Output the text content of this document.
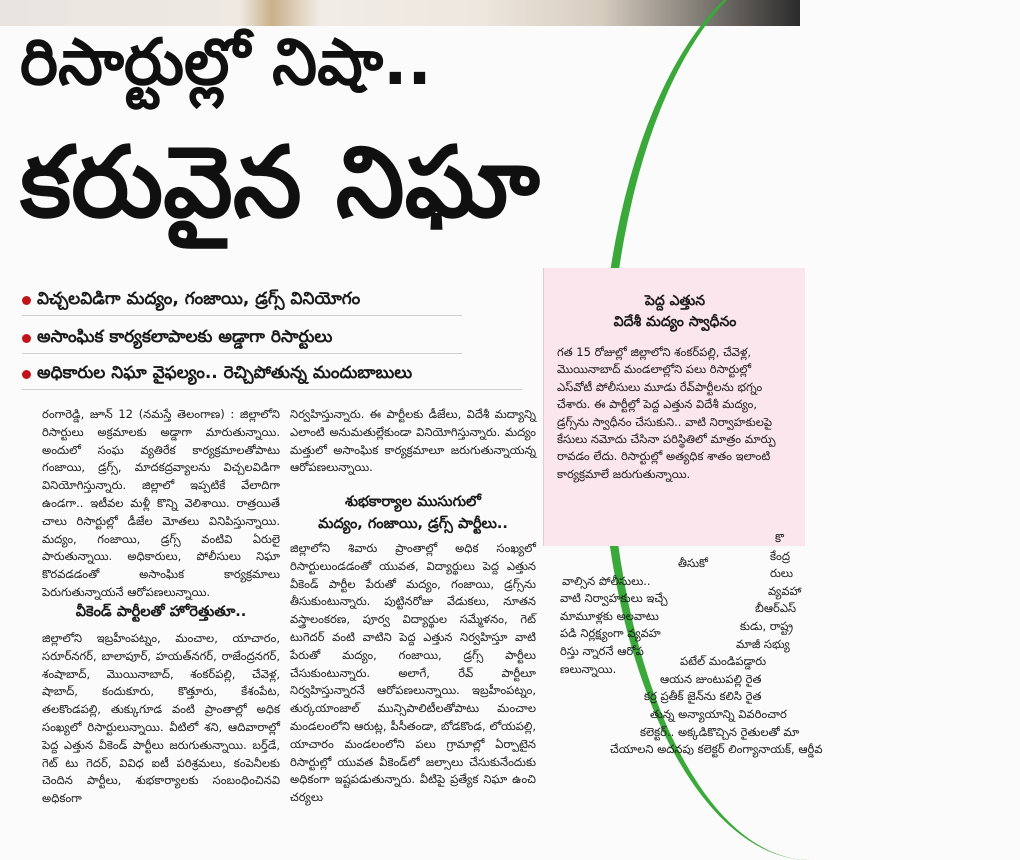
రిసార్టుల్లో నిషా..
కరువైన నిఘా
విచ్చలవిడిగా మద్యం, గంజాయి, డ్రగ్స్ వినియోగం
అసాంఘిక కార్యకలాపాలకు అడ్డాగా రిసార్టులు
అధికారుల నిఘా వైఫల్యం.. రెచ్చిపోతున్న మందుబాబులు
పెద్ద ఎత్తున
విదేశీ మద్యం స్వాధీనం
గత 15 రోజుల్లో జిల్లాలోని శంకర్‌పల్లి, చేవెళ్ల, మొయినాబాద్ మండలాల్లోని పలు రిసార్టుల్లో ఎస్‌వోటీ పోలీసులు మూడు రేవ్‌పార్టీలను భగ్నం చేశారు. ఈ పార్టీల్లో పెద్ద ఎత్తున విదేశీ మద్యం, డ్రగ్స్‌ను స్వాధీనం చేసుకుని.. వాటి నిర్వాహకులపై కేసులు నమోదు చేసినా పరిస్థితిలో మాత్రం మార్పు రావడం లేదు. రిసార్టుల్లో అత్యధిక శాతం ఇలాంటి కార్యక్రమాలే జరుగుతున్నాయి.
రంగారెడ్డి, జూన్ 12 (నమస్తే తెలంగాణ) : జిల్లాలోని రిసార్టులు అక్రమాలకు అడ్డాగా మారుతున్నాయి. అందులో సంఘ వ్యతిరేక కార్యక్రమాలతోపాటు గంజాయి, డ్రగ్స్, మాదకద్రవ్యాలను విచ్చలవిడిగా వినియోగిస్తున్నారు. జిల్లాలో ఇప్పటికే వేలాదిగా ఉండగా.. ఇటీవల మళ్లీ కొన్ని వెలిశాయి. రాత్రయితే చాలు రిసార్టుల్లో డీజేల మోతలు వినిపిస్తున్నాయి. మద్యం, గంజాయి, డ్రగ్స్ వంటివి ఏరులై పారుతున్నాయి. అధికారులు, పోలీసులు నిఘా కొరవడడంతో అసాంఘిక కార్యక్రమాలు పెరుగుతున్నాయనే ఆరోపణలున్నాయి.
వీకెండ్ పార్టీలతో హోరెత్తుతూ..
జిల్లాలోని ఇబ్రహీంపట్నం, మంచాల, యాచారం, సరూర్‌నగర్, బాలాపూర్, హయత్‌నగర్, రాజేంద్రనగర్, శంషాబాద్, మొయినాబాద్, శంకర్‌పల్లి, చేవెళ్ల, షాబాద్, కందుకూరు, కొత్తూరు, కేశంపేట, తలకొండపల్లి, తుక్కుగూడ వంటి ప్రాంతాల్లో అధిక సంఖ్యలో రిసార్టులున్నాయి. వీటిలో శని, ఆదివారాల్లో పెద్ద ఎత్తున వీకెండ్ పార్టీలు జరుగుతున్నాయి. బర్త్‌డే, గెట్ టు గెదర్, వివిధ ఐటీ పరిశ్రమలు, కంపెనీలకు చెందిన పార్టీలు, శుభకార్యాలకు సంబంధించినవి అధికంగా
నిర్వహిస్తున్నారు. ఈ పార్టీలకు డీజేలు, విదేశీ మద్యాన్ని ఎలాంటి అనుమతుల్లేకుండా వినియోగిస్తున్నారు. మద్యం మత్తులో అసాంఘిక కార్యక్రమాలూ జరుగుతున్నాయన్న ఆరోపణలున్నాయి.
శుభకార్యాల ముసుగులో
మద్యం, గంజాయి, డ్రగ్స్ పార్టీలు..
జిల్లాలోని శివారు ప్రాంతాల్లో అధిక సంఖ్యలో రిసార్టులుండడంతో యువత, విద్యార్థులు పెద్ద ఎత్తున వీకెండ్ పార్టీల పేరుతో మద్యం, గంజాయి, డ్రగ్స్‌ను తీసుకుంటున్నారు. పుట్టినరోజు వేడుకలు, నూతన వస్త్రాలంకరణ, పూర్వ విద్యార్థుల సమ్మేళనం, గెట్ టుగెదర్ వంటి వాటిని పెద్ద ఎత్తున నిర్వహిస్తూ వాటి పేరుతో మద్యం, గంజాయి, డ్రగ్స్ పార్టీలు చేసుకుంటున్నారు. అలాగే, రేవ్ పార్టీలూ నిర్వహిస్తున్నారనే ఆరోపణలున్నాయి. ఇబ్రహీంపట్నం, తుర్కయాంజాల్ మున్సిపాలిటీలతోపాటు మంచాల మండలంలోని ఆరుట్ల, పీసీతండా, బోడకొండ, లోయపల్లి, యాచారం మండలంలోని పలు గ్రామాల్లో ఏర్పాటైన రిసార్టుల్లో యువత వీకెండ్‌లో జల్సాలు చేసుకునేందుకు అధికంగా ఇష్టపడుతున్నారు. వీటిపై ప్రత్యేక నిఘా ఉంచి చర్యలు
తీసుకో
వాల్సిన పోలీసులు..
వాటి నిర్వాహకులు ఇచ్చే
మామూళ్లకు అలవాటు
పడి నిర్లక్ష్యంగా వ్యవహ
రిస్తు న్నారనే ఆరోప
ణలున్నాయి.
కొ
కేంద్ర
రులు
వ్యవహా
బీఆర్ఎస్
కుడు, రాష్ట్ర
మాజీ సభ్యు
పటేల్ మండిపడ్డారు
ఆయన జుంటుపల్లి రైత
కర్ర ప్రతీక్ జైన్‌ను కలిసి రైత
తున్న అన్యాయాన్ని వివరించార
కలెక్టర్.. అక్కడికొచ్చిన రైతులతో మా
చేయాలని అదనపు కలెక్టర్ లింగ్యానాయక్, ఆర్డీవ
